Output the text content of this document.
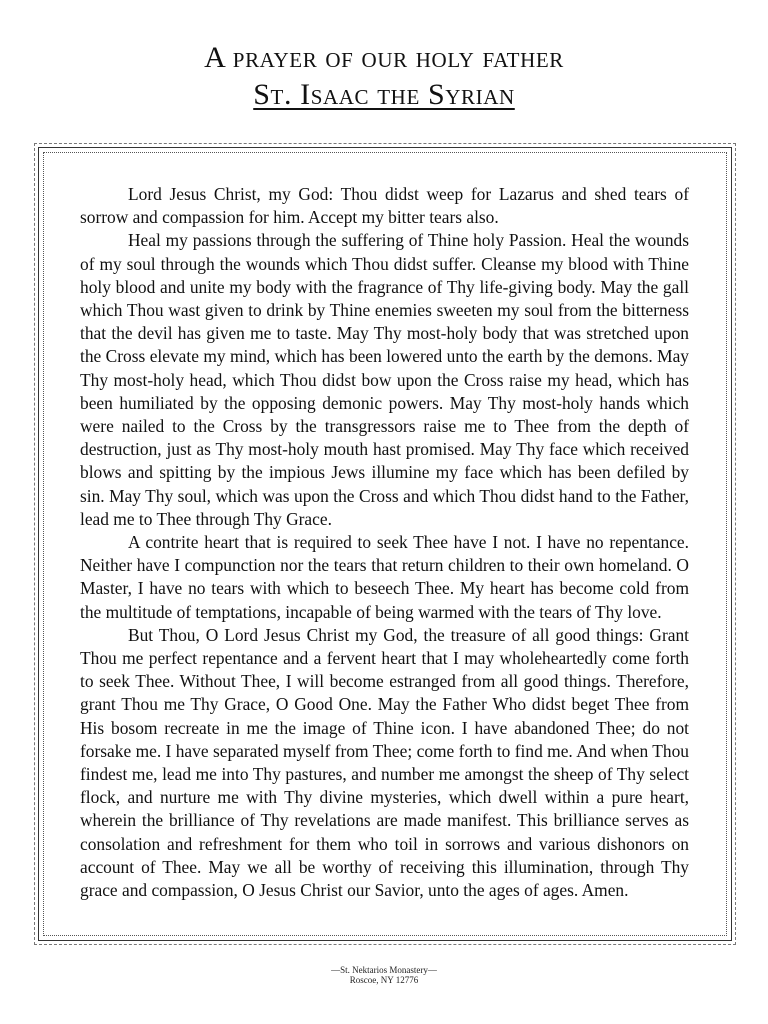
A prayer of our holy father
St. Isaac the Syrian

Lord Jesus Christ, my God: Thou didst weep for Lazarus and shed tears of sorrow and compassion for him. Accept my bitter tears also.

Heal my passions through the suffering of Thine holy Passion. Heal the wounds of my soul through the wounds which Thou didst suffer. Cleanse my blood with Thine holy blood and unite my body with the fragrance of Thy life-giving body. May the gall which Thou wast given to drink by Thine enemies sweeten my soul from the bitterness that the devil has given me to taste. May Thy most-holy body that was stretched upon the Cross elevate my mind, which has been lowered unto the earth by the demons. May Thy most-holy head, which Thou didst bow upon the Cross raise my head, which has been humiliated by the opposing demonic powers. May Thy most-holy hands which were nailed to the Cross by the transgressors raise me to Thee from the depth of destruction, just as Thy most-holy mouth hast promised. May Thy face which received blows and spitting by the impious Jews illumine my face which has been defiled by sin. May Thy soul, which was upon the Cross and which Thou didst hand to the Father, lead me to Thee through Thy Grace.

A contrite heart that is required to seek Thee have I not. I have no repentance. Neither have I compunction nor the tears that return children to their own homeland. O Master, I have no tears with which to beseech Thee. My heart has become cold from the multitude of temptations, incapable of being warmed with the tears of Thy love.

But Thou, O Lord Jesus Christ my God, the treasure of all good things: Grant Thou me perfect repentance and a fervent heart that I may wholeheartedly come forth to seek Thee. Without Thee, I will become estranged from all good things. Therefore, grant Thou me Thy Grace, O Good One. May the Father Who didst beget Thee from His bosom recreate in me the image of Thine icon. I have abandoned Thee; do not forsake me. I have separated myself from Thee; come forth to find me. And when Thou findest me, lead me into Thy pastures, and number me amongst the sheep of Thy select flock, and nurture me with Thy divine mysteries, which dwell within a pure heart, wherein the brilliance of Thy revelations are made manifest. This brilliance serves as consolation and refreshment for them who toil in sorrows and various dishonors on account of Thee. May we all be worthy of receiving this illumination, through Thy grace and compassion, O Jesus Christ our Savior, unto the ages of ages. Amen.

—St. Nektarios Monastery—
Roscoe, NY 12776
